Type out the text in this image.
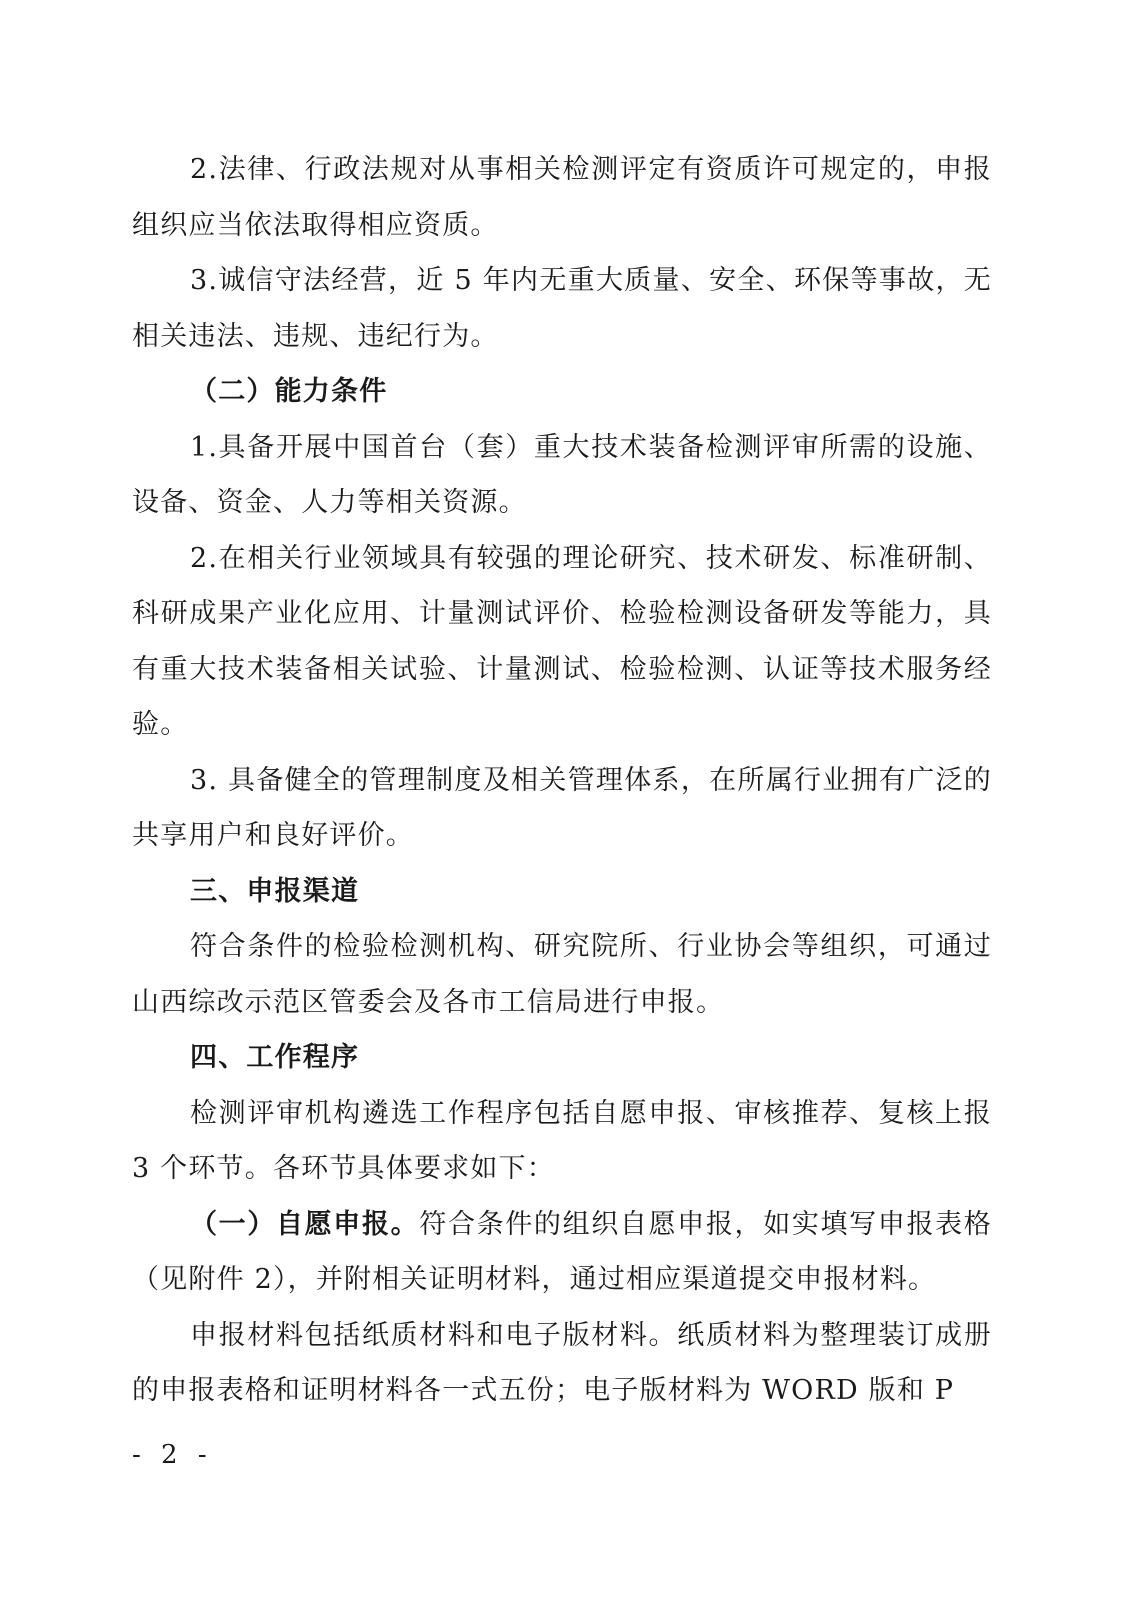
2.法律、行政法规对从事相关检测评定有资质许可规定的，申报组织应当依法取得相应资质。

3.诚信守法经营，近 5 年内无重大质量、安全、环保等事故，无相关违法、违规、违纪行为。

（二）能力条件

1.具备开展中国首台（套）重大技术装备检测评审所需的设施、设备、资金、人力等相关资源。

2.在相关行业领域具有较强的理论研究、技术研发、标准研制、科研成果产业化应用、计量测试评价、检验检测设备研发等能力，具有重大技术装备相关试验、计量测试、检验检测、认证等技术服务经验。

3. 具备健全的管理制度及相关管理体系，在所属行业拥有广泛的共享用户和良好评价。

三、申报渠道

符合条件的检验检测机构、研究院所、行业协会等组织，可通过山西综改示范区管委会及各市工信局进行申报。

四、工作程序

检测评审机构遴选工作程序包括自愿申报、审核推荐、复核上报 3 个环节。各环节具体要求如下：

（一）自愿申报。符合条件的组织自愿申报，如实填写申报表格（见附件 2），并附相关证明材料，通过相应渠道提交申报材料。

申报材料包括纸质材料和电子版材料。纸质材料为整理装订成册的申报表格和证明材料各一式五份；电子版材料为 WORD 版和 P

- 2 -
